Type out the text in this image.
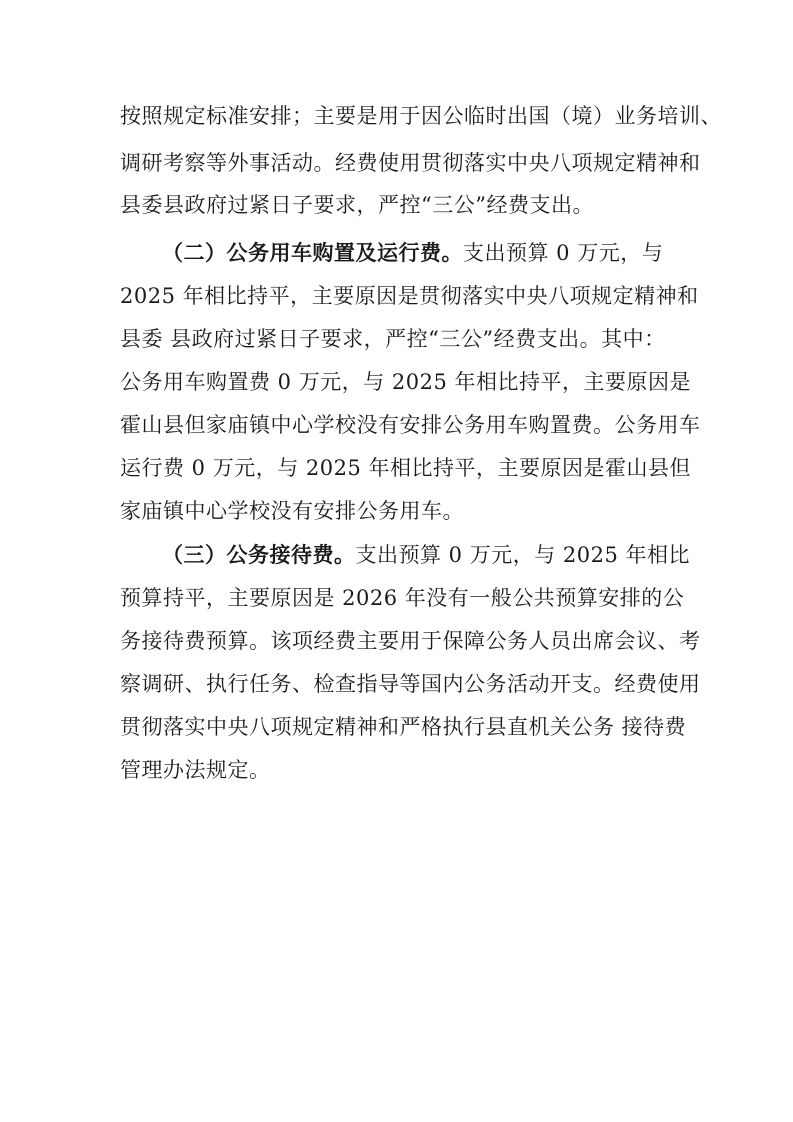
按照规定标准安排；主要是用于因公临时出国（境）业务培训、
调研考察等外事活动。经费使用贯彻落实中央八项规定精神和
县委县政府过紧日子要求，严控“三公”经费支出。
（二）公务用车购置及运行费。支出预算 0 万元，与
2025 年相比持平，主要原因是贯彻落实中央八项规定精神和
县委 县政府过紧日子要求，严控“三公”经费支出。其中：
公务用车购置费 0 万元，与 2025 年相比持平，主要原因是
霍山县但家庙镇中心学校没有安排公务用车购置费。公务用车
运行费 0 万元，与 2025 年相比持平，主要原因是霍山县但
家庙镇中心学校没有安排公务用车。
（三）公务接待费。支出预算 0 万元，与 2025 年相比
预算持平，主要原因是 2026 年没有一般公共预算安排的公
务接待费预算。该项经费主要用于保障公务人员出席会议、考
察调研、执行任务、检查指导等国内公务活动开支。经费使用
贯彻落实中央八项规定精神和严格执行县直机关公务 接待费
管理办法规定。
